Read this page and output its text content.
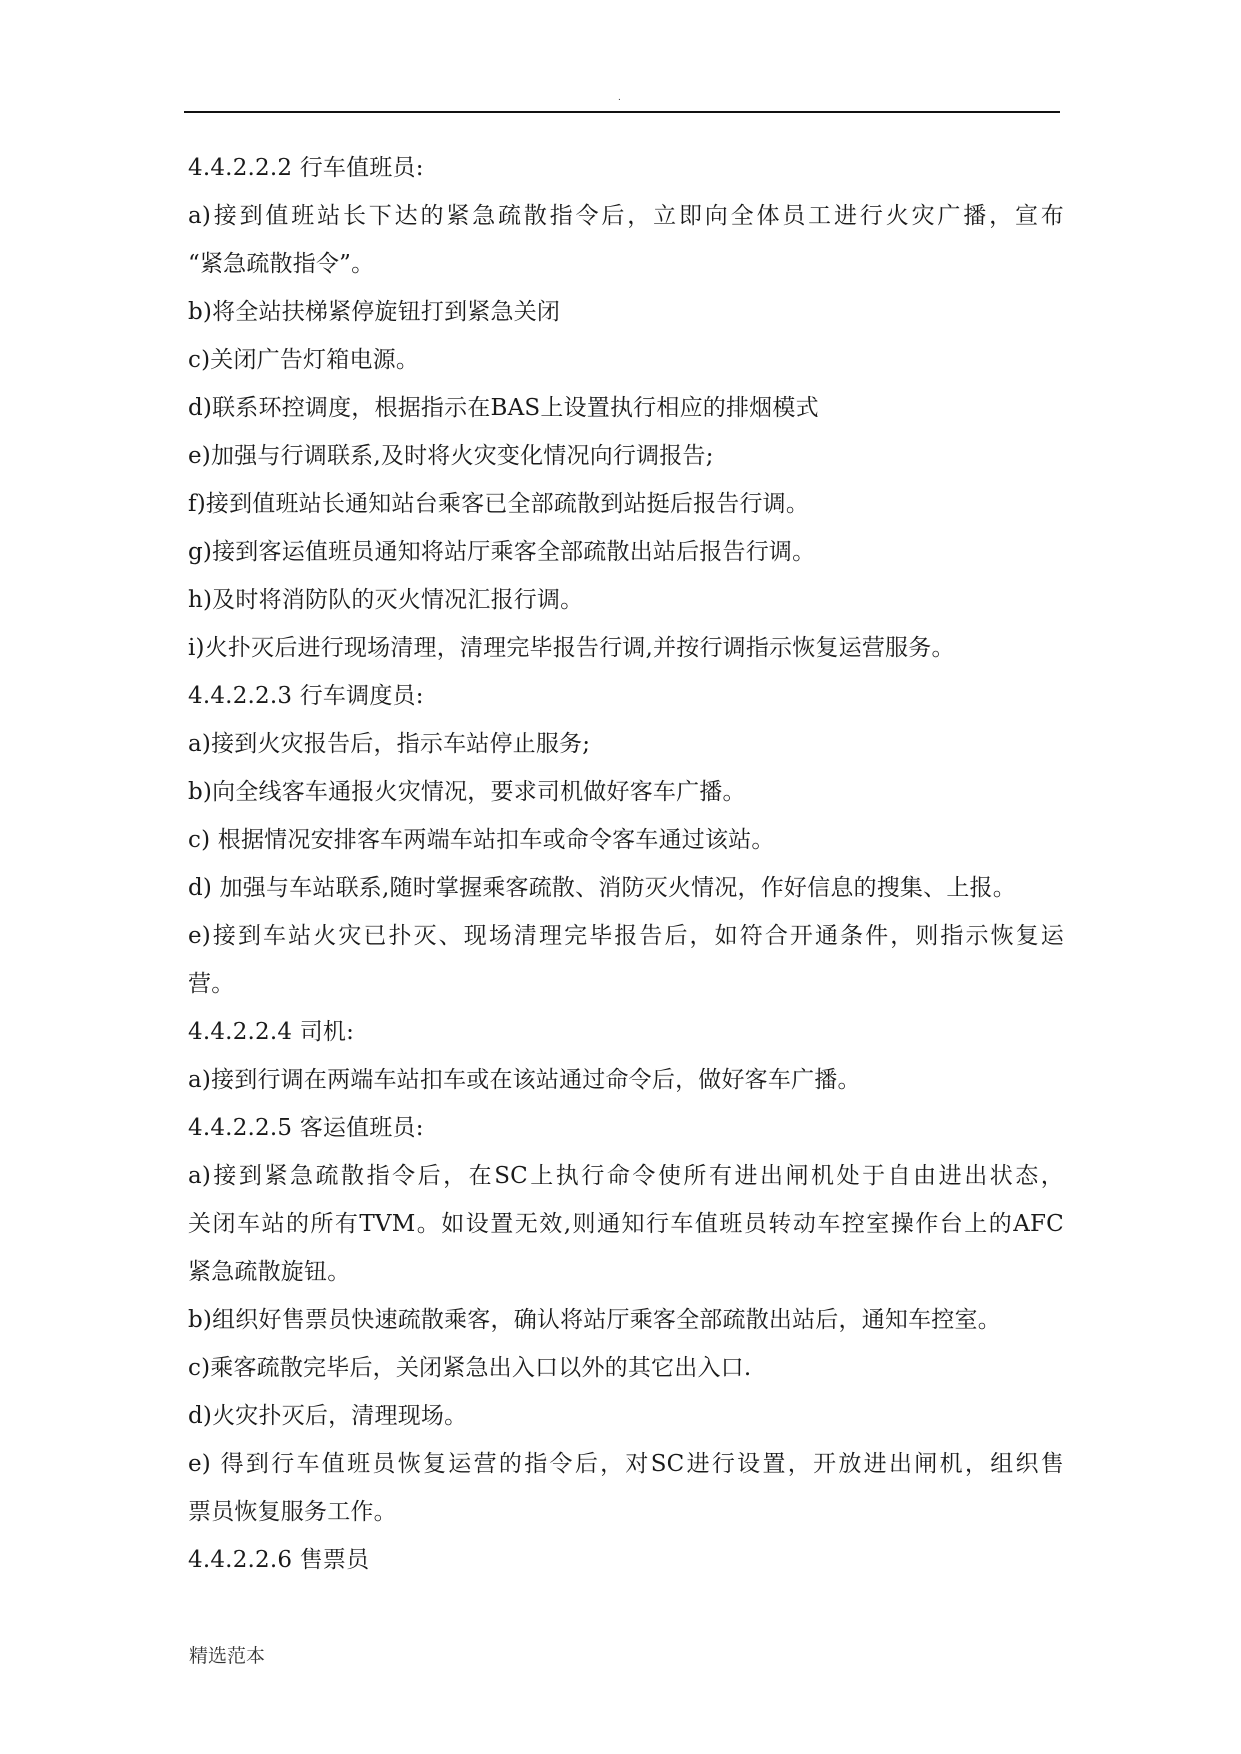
.
4.4.2.2.2 行车值班员:
a)接到值班站长下达的紧急疏散指令后，立即向全体员工进行火灾广播，宣布
“紧急疏散指令”。
b)将全站扶梯紧停旋钮打到紧急关闭
c)关闭广告灯箱电源。
d)联系环控调度，根据指示在BAS上设置执行相应的排烟模式
e)加强与行调联系,及时将火灾变化情况向行调报告;
f)接到值班站长通知站台乘客已全部疏散到站挺后报告行调。
g)接到客运值班员通知将站厅乘客全部疏散出站后报告行调。
h)及时将消防队的灭火情况汇报行调。
i)火扑灭后进行现场清理，清理完毕报告行调,并按行调指示恢复运营服务。
4.4.2.2.3 行车调度员:
a)接到火灾报告后，指示车站停止服务;
b)向全线客车通报火灾情况，要求司机做好客车广播。
c) 根据情况安排客车两端车站扣车或命令客车通过该站。
d) 加强与车站联系,随时掌握乘客疏散、消防灭火情况，作好信息的搜集、上报。
e)接到车站火灾已扑灭、现场清理完毕报告后，如符合开通条件，则指示恢复运
营。
4.4.2.2.4 司机:
a)接到行调在两端车站扣车或在该站通过命令后，做好客车广播。
4.4.2.2.5 客运值班员:
a)接到紧急疏散指令后，在SC上执行命令使所有进出闸机处于自由进出状态，
关闭车站的所有TVM。如设置无效,则通知行车值班员转动车控室操作台上的AFC
紧急疏散旋钮。
b)组织好售票员快速疏散乘客，确认将站厅乘客全部疏散出站后，通知车控室。
c)乘客疏散完毕后，关闭紧急出入口以外的其它出入口.
d)火灾扑灭后，清理现场。
e) 得到行车值班员恢复运营的指令后，对SC进行设置，开放进出闸机，组织售
票员恢复服务工作。
4.4.2.2.6 售票员
精选范本
